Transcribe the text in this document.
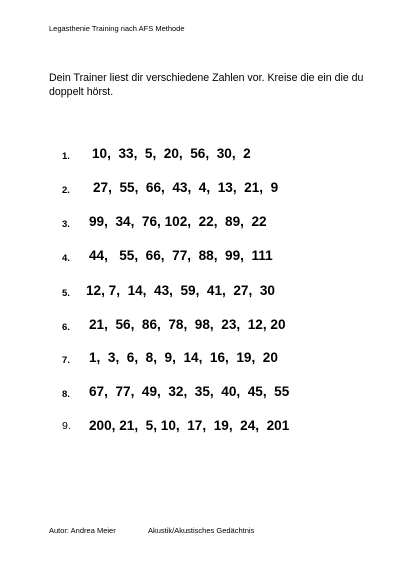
Legasthenie Training nach AFS Methode
Dein Trainer liest dir verschiedene Zahlen vor. Kreise die ein die du doppelt hörst.
1. 10,  33,  5,  20,  56,  30,  2
2. 27,  55,  66,  43,  4,  13,  21,  9
3. 99,  34,  76, 102,  22,  89,  22
4. 44,   55,  66,  77,  88,  99,  111
5. 12, 7,  14,  43,  59,  41,  27,  30
6. 21,  56,  86,  78,  98,  23,  12, 20
7. 1,  3,  6,  8,  9,  14,  16,  19,  20
8. 67,  77,  49,  32,  35,  40,  45,  55
9. 200, 21,  5, 10,  17,  19,  24,  201
Autor: Andrea Meier	Akustik/Akustisches Gedächtnis
